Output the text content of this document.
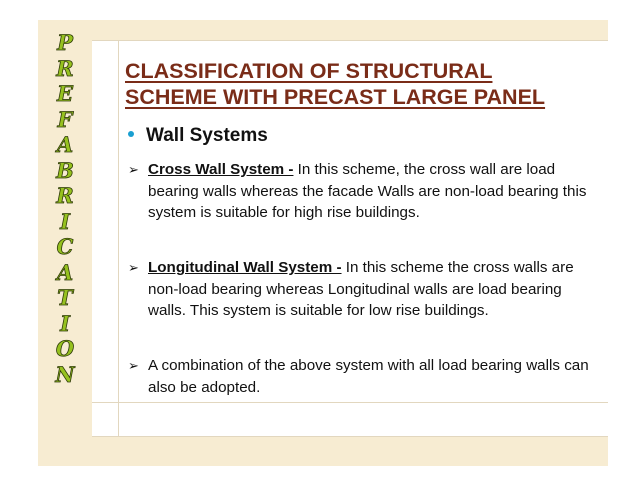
P
R
E
F
A
B
R
I
C
A
T
I
O
N
CLASSIFICATION OF STRUCTURAL
SCHEME WITH PRECAST LARGE PANEL
Wall Systems
➢ Cross Wall System - In this scheme, the cross wall are load bearing walls whereas the facade Walls are non-load bearing this system is suitable for high rise buildings.
➢ Longitudinal Wall System - In this scheme the cross walls are non-load bearing whereas Longitudinal walls are load bearing walls. This system is suitable for low rise buildings.
➢ A combination of the above system with all load bearing walls can also be adopted.
